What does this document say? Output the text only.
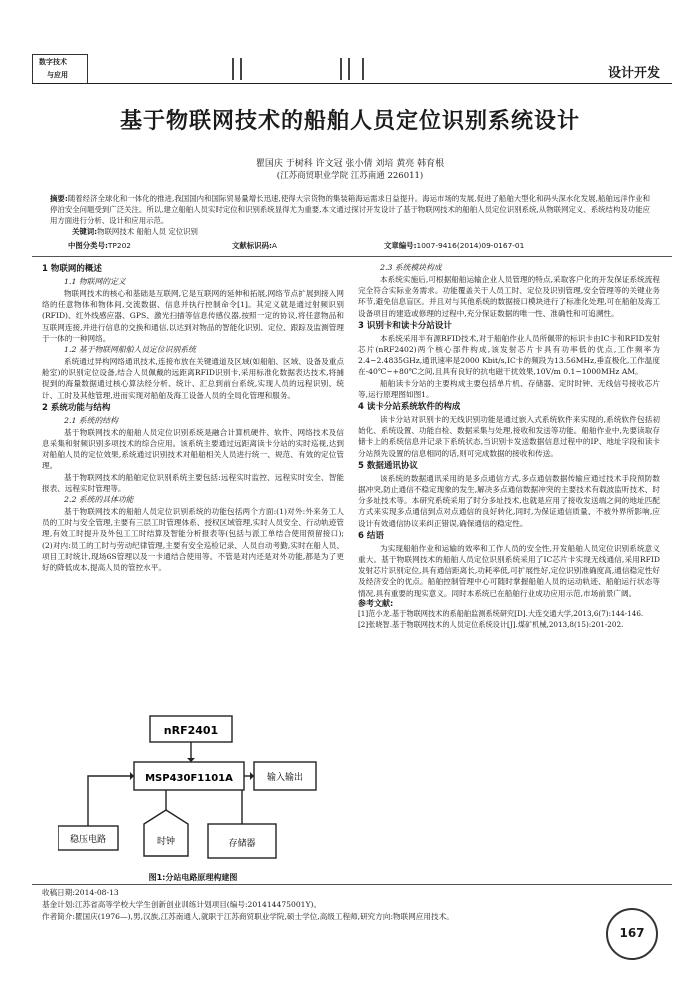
数字技术
与应用	设计开发
基于物联网技术的船舶人员定位识别系统设计
瞿国庆 于树科 许文冠 张小倩 刘培 黄亮 韩育根
(江苏商贸职业学院 江苏南通 226011)
摘要:随着经济全球化和一体化的推进,我国国内和国际贸易量增长迅速,使得大宗货物的集装箱海运需求日益提升。海运市场的发展,促进了船舶大型化和码头深水化发展,船舶远洋作业和停泊安全问题受到广泛关注。所以,建立船舶人员实时定位和识别系统显得尤为重要,本文通过探讨开发设计了基于物联网技术的船舶人员定位识别系统,从物联网定义、系统结构及功能应用方面进行分析、设计和应用示范。
关键词:物联网技术 船舶人员 定位识别
中图分类号:TP202	文献标识码:A	文章编号:1007-9416(2014)09-0167-01
1 物联网的概述
1.1 物联网的定义

物联网技术的核心和基础是互联网,它是互联网的延伸和拓展,网络节点扩展到接入网络的任意物体和物体间,交流数据、信息并执行控制命令[1]。其定义就是通过射频识别(RFID)、红外线感应器、GPS、激光扫描等信息传感仪器,按照一定的协议,将任意物品和互联网连接,并进行信息的交换和通信,以达到对物品的智能化识别、定位、跟踪及监测管理于一体的一种网络。

1.2 基于物联网船舶人员定位识别系统

系统通过异构网络通讯技术,连接布放在关键通道及区域(如船舶、区域、设备及重点舱室)的识别定位设备,结合人员佩戴的远距离RFID识别卡,采用标准化数据表达技术,将捕捉到的海量数据通过核心算法经分析、统计、汇总到前台系统,实现人员的远程识别、统计、工时及其他管理,进而实现对船舶及海工设备人员的全局化管理和服务。

2 系统功能与结构
2.1 系统的结构

基于物联网技术的船舶人员定位识别系统是融合计算机硬件、软件、网络技术及信息采集和射频识别多项技术的综合应用。该系统主要通过远距离读卡分站的实时巡视,达到对船舶人员的定位效果,系统通过识别技术对船舶相关人员进行统一、规范、有效的定位管理。

基于物联网技术的船舶定位识别系统主要包括:远程实时监控、远程实时安全、智能报表、远程实时管理等。

2.2 系统的具体功能

基于物联网技术的船舶人员定位识别系统的功能包括两个方面:(1)对外:外来务工人员的工时与安全管理,主要有三层工时管理体系、授权区域管理,实时人员安全、行动轨迹管理,有效工时提升及外包工工时结算及智能分析报表等(包括与派工单结合使用预留接口);(2)对内:员工的工时与劳动纪律管理,主要有安全巡检记录、人员自动考勤,实时在船人员、项目工时统计,现场6S管理以及一卡通结合使用等。不管是对内还是对外功能,都是为了更好的降低成本,提高人员的管控水平。

nRF2401
MSP430F1101A	输入输出
稳压电路	时钟	存储器
图1:分站电路原理构建图
2.3 系统模块构成

本系统实施后,可根据船舶运输企业人员管理的特点,采取客户化的开发保证系统流程完全符合实际业务需求。功能覆盖关于人员工时、定位及识别管理,安全管理等的关键业务环节,避免信息盲区。并且对与其他系统的数据接口模块进行了标准化处理,可在船舶及海工设备项目的建造或修理的过程中,充分保证数据的唯一性、准确性和可追溯性。

3 识别卡和读卡分站设计

本系统采用半有源RFID技术,对于船舶作业人员所佩带的标识卡由IC卡和RFID发射芯片(nRF2402)两个核心部件构成,该发射芯片卡具有功率低的优点,工作频率为2.4~2.4835GHz,通讯速率是2000 Kbit/s,IC卡的频段为13.56MHz,垂直极化,工作温度在-40℃~+80℃之间,且具有良好的抗电磁干扰效果,10V/m 0.1~1000MHz AM。

船舶读卡分站的主要构成主要包括单片机、存储器、定时时钟、无线信号接收芯片等,运行原理图如图1。

4 读卡分站系统软件的构成

读卡分站对识别卡的无线识别功能是通过嵌入式系统软件来实现的,系统软件包括初始化、系统设置、功能自检、数据采集与处理,接收和发送等功能。船舶作业中,先要读取存储卡上的系统信息并记录下系统状态,当识别卡发送数据信息过程中的IP、地址字段和读卡分站预先设置的信息相同的话,则可完成数据的接收和传送。

5 数据通讯协议

该系统的数据通讯采用的是多点通信方式,多点通信数据传输应通过技术手段预防数据冲突,防止通信不稳定现象的发生,解决多点通信数据冲突的主要技术有载波监听技术、时分多址技术等。本研究系统采用了时分多址技术,也就是应用了接收发送端之间的地址匹配方式来实现多点通信到点对点通信的良好转化,同时,为保证通信质量、不被外界所影响,应设计有效通信协议来纠正错误,确保通信的稳定性。

6 结语

为实现船舶作业和运输的效率和工作人员的安全性,开发船舶人员定位识别系统意义重大。基于物联网技术的船舶人员定位识别系统采用了IC芯片卡实现无线通信,采用RFID发射芯片识别定位,具有通信距离长,功耗率低,可扩展性好,定位识别准确度高,通信稳定性好及经济安全的优点。船舶控制管理中心可随时掌握船舶人员的运动轨迹、船舶运行状态等情况,具有重要的现实意义。同时本系统已在船舶行业成功应用示范,市场前景广阔。

参考文献:
[1]范小龙.基于物联网技术的系船舶监测系统研究[D].大连交通大学,2013,6(7):144-146.
[2]张晓智.基于物联网技术的人员定位系统设计[J].煤矿机械,2013,8(15):201-202.
收稿日期:2014-08-13
基金计划:江苏省高等学校大学生创新创业训练计划项目(编号:201414475001Y)。
作者简介:瞿国庆(1976—),男,汉族,江苏南通人,就职于江苏商贸职业学院,硕士学位,高级工程师,研究方向:物联网应用技术。
167
